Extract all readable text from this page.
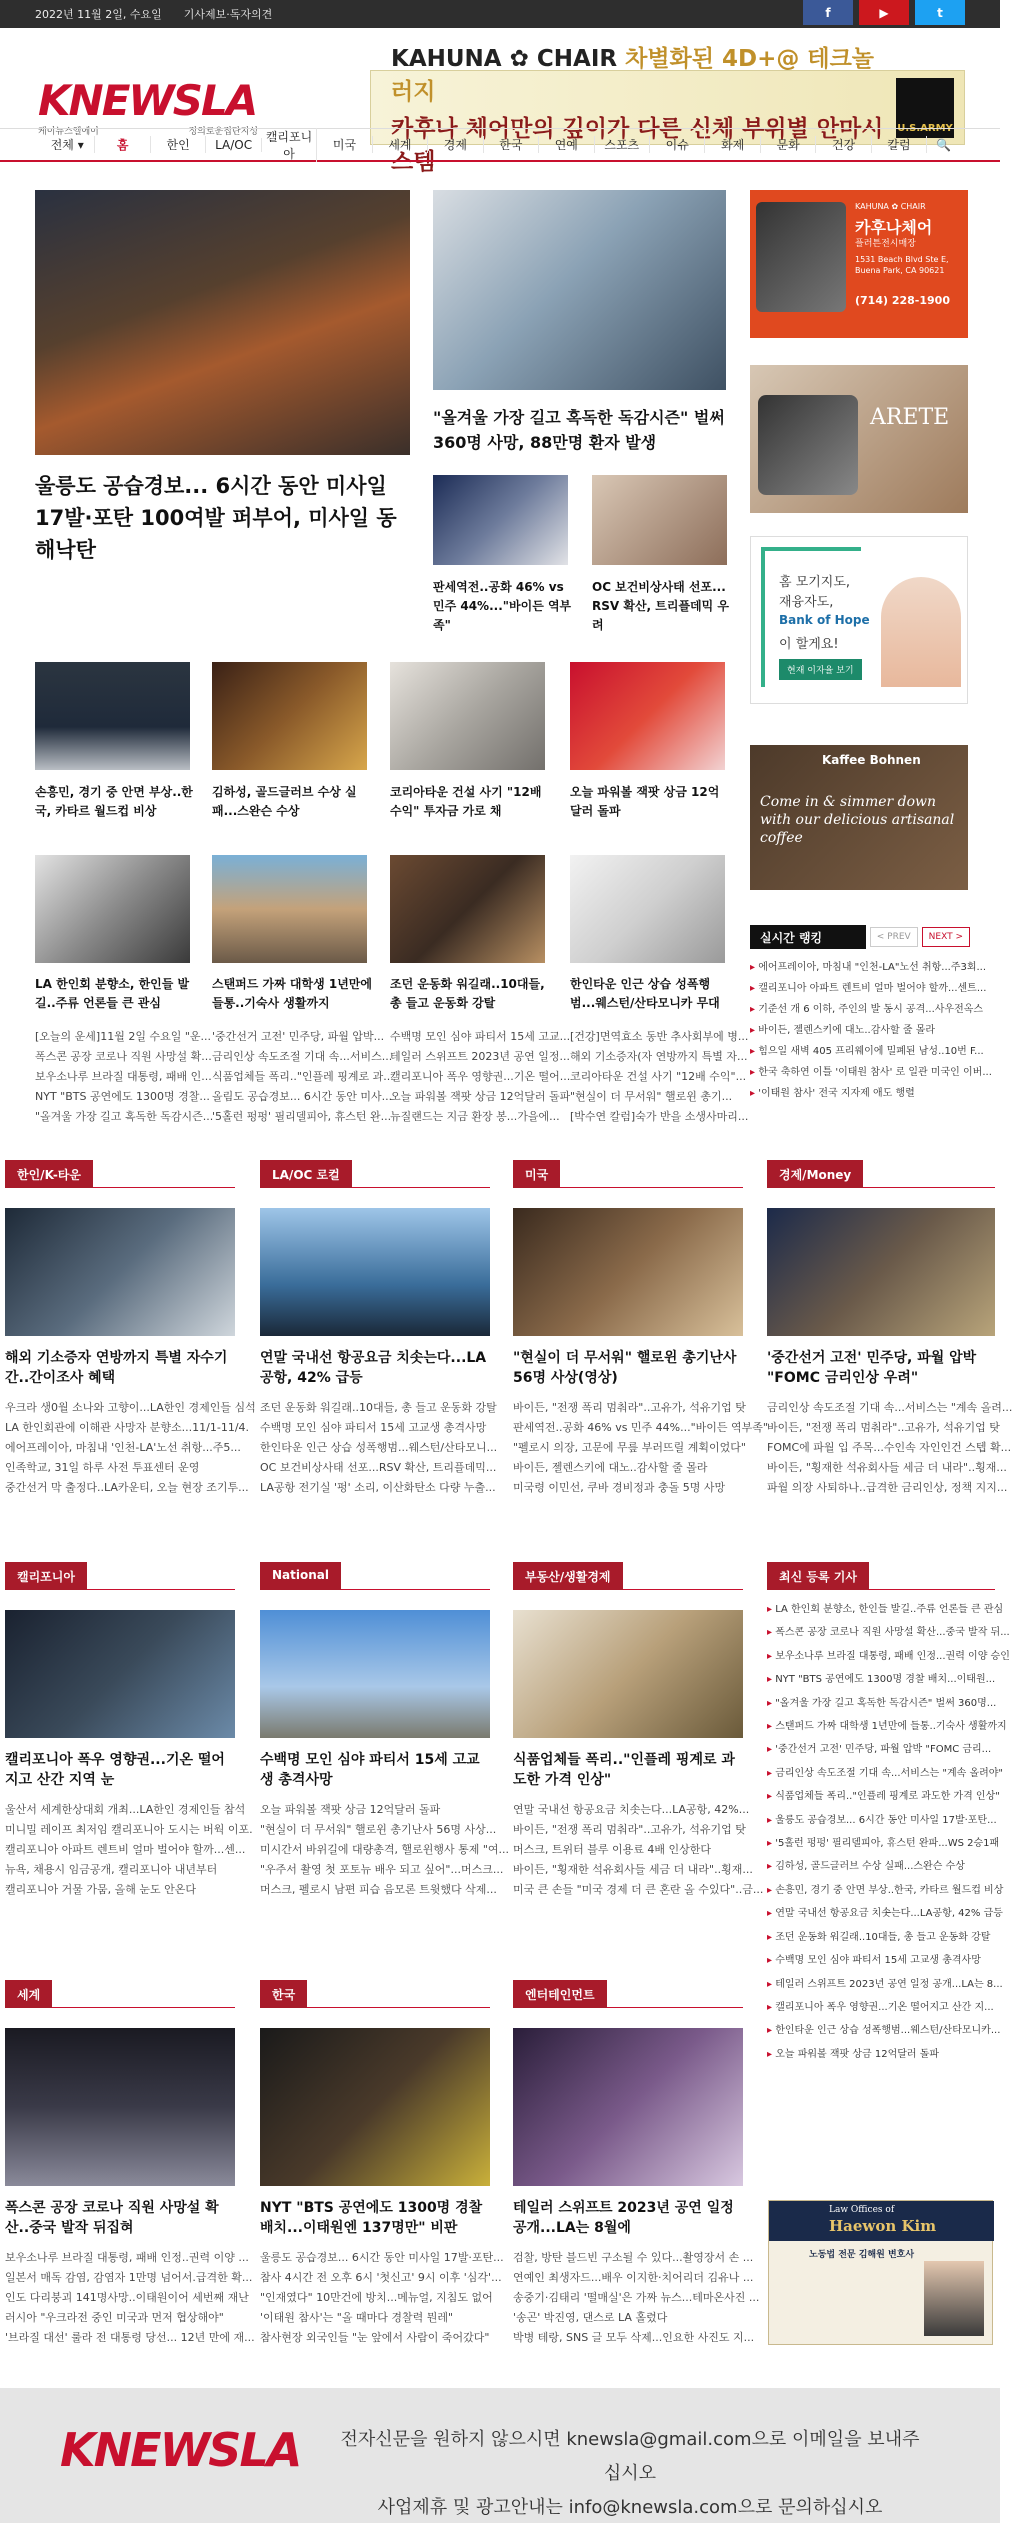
2022년 11월 2일, 수요일 기사제보·독자의견	f	▶	t
KNEWSLA
케이뉴스엘에이	정의로운집단지성
KAHUNA ✿ CHAIR 차별화된 4D+@ 테크놀러지
카후나 체어만의 깊이가 다른 신체 부위별 안마시스템
U.S.ARMY
전체 ▾	홈	한인	LA/OC
캘리포니아
미국	세계	경제	한국	연예	스포츠	이슈	화제	문화	건강	칼럼	🔍
울릉도 공습경보... 6시간 동안 미사일 17발·포탄 100여발 퍼부어, 미사일 동해낙탄
"올겨울 가장 길고 혹독한 독감시즌" 벌써 360명 사망, 88만명 환자 발생
판세역전..공화 46% vs 민주 44%..."바이든 역부족"
OC 보건비상사태 선포... RSV 확산, 트리플데믹 우려
손흥민, 경기 중 안면 부상..한국, 카타르 월드컵 비상
김하성, 골드글러브 수상 실패...스완슨 수상
코리아타운 건설 사기 "12배 수익" 투자금 가로 채
오늘 파워볼 잭팟 상금 12억달러 돌파
LA 한인회 분향소, 한인들 발길..주류 언론들 큰 관심
[오늘의 운세]11월 2일 수요일 "운...
폭스콘 공장 코로나 직원 사망설 확...
보우소나루 브라질 대통령, 패배 인...
NYT "BTS 공연에도 1300명 경찰...
"올겨울 가장 길고 혹독한 독감시즌...
스탠퍼드 가짜 대학생 1년만에 들통..기숙사 생활까지
'중간선거 고전' 민주당, 파월 압박...
금리인상 속도조절 기대 속...서비스...
식품업체들 폭리.."인플레 핑계로 과...
올림도 공습경보... 6시간 동안 미사...
'5홀런 펑펑' 필리델피아, 휴스턴 완...
조던 운동화 워길래..10대들, 총 들고 운동화 강탈
수백명 모인 심야 파티서 15세 고교...
테일러 스위프트 2023년 공연 일정...
캘리포니아 폭우 영향권...기온 떨어...
오늘 파워볼 잭팟 상금 12억달러 돌파
뉴질랜드는 지금 환장 봉...가을에...
한인타운 인근 상습 성폭행범...웨스턴/산타모니카 무대
[건강]면역효소 동반 추사회부에 병...
해외 기소증자(자 연방까지 특별 자...
코리아타운 건설 사기 "12배 수익"...
"현실이 더 무서워" 핼로윈 총기...
[박수연 칼럼]숙가 반을 소생사마리...
KAHUNA ✿ CHAIR
카후나체어
플러튼전시매장
1531 Beach Blvd Ste E, Buena Park, CA 90621
(714) 228-1900
ARETE
홈 모기지도,
재융자도,
Bank of Hope
이 할게요!
현재 이자율 보기
Kaffee Bohnen
Come in & simmer down with our delicious artisanal coffee
실시간 랭킹	< PREV	NEXT >
▸ 에어프레이아, 마침내 "인천-LA"노선 취항...주3회...
▸ 캘리포니아 아파트 렌트비 얼마 벌어야 할까...센트...
▸ 기준선 개 6 이하, 주인의 발 동시 공격...사우전옥스
▸ 바이든, 젤렌스키에 대노..감사할 줄 몰라
▸ 힘으일 새벽 405 프리웨이에 밀폐된 남성..10번 F...
▸ 한국 축하연 이틀 '이태원 참사' 로 일관 미국인 이버...
▸ '이태원 참사' 전국 지자제 애도 행렬
한인/K-타운
해외 기소증자 연방까지 특별 자수기간..간이조사 혜택
우크라 생0월 소나와 고향이...LA한인 경제인들 심석
LA 한인회관에 이해관 사망자 분향소...11/1-11/4.
에어프레이아, 마침내 '인천-LA'노선 취항...주5...
인족학교, 31일 하루 사전 투표센터 운영
중간선거 막 출정다..LA카운티, 오늘 현장 조기투...
LA/OC 로컬
연말 국내선 항공요금 치솟는다...LA공항, 42% 급등
조던 운동화 워길래..10대들, 총 들고 운동화 강탈
수백명 모인 심야 파티서 15세 고교생 총격사망
한인타운 인근 상습 성폭행범...웨스턴/산타모니...
OC 보건비상사태 선포...RSV 확산, 트리플데믹...
LA공항 전기실 '펑' 소리, 이산화탄소 다량 누출...
미국
"현실이 더 무서워" 핼로윈 총기난사 56명 사상(영상)
바이든, "전쟁 폭리 멈춰라"..고유가, 석유기업 탓
판세역전..공화 46% vs 민주 44%..."바이든 역부족"
"펠로시 의장, 고문에 무릎 부러뜨릴 계획이었다"
바이든, 젤렌스키에 대노..감사할 줄 몰라
미국령 이민선, 쿠바 경비정과 충돌 5명 사망
경제/Money
'중간선거 고전' 민주당, 파월 압박 "FOMC 금리인상 우려"
금리인상 속도조절 기대 속...서비스는 "계속 올려...
바이든, "전쟁 폭리 멈춰라"..고유가, 석유기업 탓
FOMC에 파월 입 주목...수인속 자인인건 스텝 확...
바이든, "횡재한 석유회사들 세금 더 내라"..횡재...
파월 의장 사퇴하나..급격한 금리인상, 정책 지지...
캘리포니아
캘리포니아 폭우 영향권...기온 떨어지고 산간 지역 눈
울산서 세계한상대회 개최...LA한인 경제인들 참석
미니밀 레이프 최저임 캘리포니아 도시는 버웍 이포.
캘리포니아 아파트 렌트비 얼마 벌어야 할까...센...
뉴욕, 채용시 임금공개, 캘리포니아 내년부터
캘리포니아 거물 가뭄, 올해 눈도 안온다
National
수백명 모인 심야 파티서 15세 고교생 총격사망
오늘 파워볼 잭팟 상금 12억달러 돌파
"현실이 더 무서워" 핼로윈 총기난사 56명 사상...
미시간서 바위길에 대량총격, 핼로윈행사 통제 "여...
"우주서 촬영 첫 포토뉴 배우 되고 싶어"...머스크...
머스크, 펠로시 남편 피습 음모론 트윗했다 삭제...
부동산/생활경제
식품업체들 폭리.."인플레 핑계로 과도한 가격 인상"
연말 국내선 항공요금 치솟는다...LA공항, 42%...
바이든, "전쟁 폭리 멈춰라"..고유가, 석유기업 탓
머스크, 트위터 블루 이용료 4배 인상한다
바이든, "횡재한 석유회사들 세금 더 내라"..횡재...
미국 큰 손들 "미국 경제 더 큰 혼란 올 수있다"..금...
최신 등록 기사
▸ LA 한인회 분향소, 한인들 발길..주류 언론들 큰 관심
▸ 폭스콘 공장 코로나 직원 사망설 확산...중국 발작 뒤...
▸ 보우소나루 브라질 대통령, 패배 인정...권력 이양 승인
▸ NYT "BTS 공연에도 1300명 경찰 배치...이태원...
▸ "올겨울 가장 길고 혹독한 독감시즌" 벌써 360명...
▸ 스탠퍼드 가짜 대학생 1년만에 들통..기숙사 생활까지
▸ '중간선거 고전' 민주당, 파월 압박 "FOMC 금리...
▸ 금리인상 속도조절 기대 속...서비스는 "계속 올려야"
▸ 식품업체들 폭리.."인플레 핑계로 과도한 가격 인상"
▸ 울릉도 공습경보... 6시간 동안 미사일 17발·포탄...
▸ '5홀런 펑펑' 필리델피아, 휴스턴 완파...WS 2승1패
▸ 김하성, 골드글러브 수상 실패...스완슨 수상
▸ 손흥민, 경기 중 안면 부상..한국, 카타르 월드컵 비상
▸ 연말 국내선 항공요금 치솟는다...LA공항, 42% 급등
▸ 조던 운동화 워길래..10대들, 총 들고 운동화 강탈
▸ 수백명 모인 심야 파티서 15세 고교생 총격사망
▸ 테일러 스위프트 2023년 공연 일정 공개...LA는 8...
▸ 캘리포니아 폭우 영향권...기온 떨어지고 산간 지...
▸ 한인타운 인근 상습 성폭행범...웨스턴/산타모니카...
▸ 오늘 파워볼 잭팟 상금 12억달러 돌파
세계
폭스콘 공장 코로나 직원 사망설 확산..중국 발작 뒤집혀
보우소나루 브라질 대통령, 패배 인정..권력 이양 ...
일본서 매독 감염, 감염자 1만명 넘어서.급격한 확...
인도 다리붕괴 141명사망..이태원이어 세번째 재난
러시아 "우크라전 중인 미국과 먼저 협상해야"
'브라질 대선' 룰라 전 대통령 당선... 12년 만에 재...
한국
NYT "BTS 공연에도 1300명 경찰 배치...이태원엔 137명만" 비판
울릉도 공습경보... 6시간 동안 미사일 17발·포탄...
참사 4시간 전 오후 6시 '첫신고' 9시 이후 '심각'...
"인재였다" 10만건에 방치...메뉴얼, 지침도 없어
'이태원 참사'는 "올 때마다 경찰력 뭔레"
참사현장 외국인들 "눈 앞에서 사람이 죽어갔다"
엔터테인먼트
테일러 스위프트 2023년 공연 일정 공개...LA는 8월에
검찰, 방탄 블드빈 구소될 수 있다...촬영장서 손 ...
연예인 최생자드...배우 이지한·치어리더 김유나 ...
송중기·김태리 '떨매실'은 가짜 뉴스...테마온사진 ...
'송곤' 박진영, 댄스로 LA 홀렸다
박병 테랑, SNS 글 모두 삭제...인요한 사진도 지...
Law Offices of
Haewon Kim
노동법 전문 김해원 변호사
KNEWSLA 전자신문을 원하지 않으시면 knewsla@gmail.com으로 이메일을 보내주십시오
사업제휴 및 광고안내는 info@knewsla.com으로 문의하십시오
